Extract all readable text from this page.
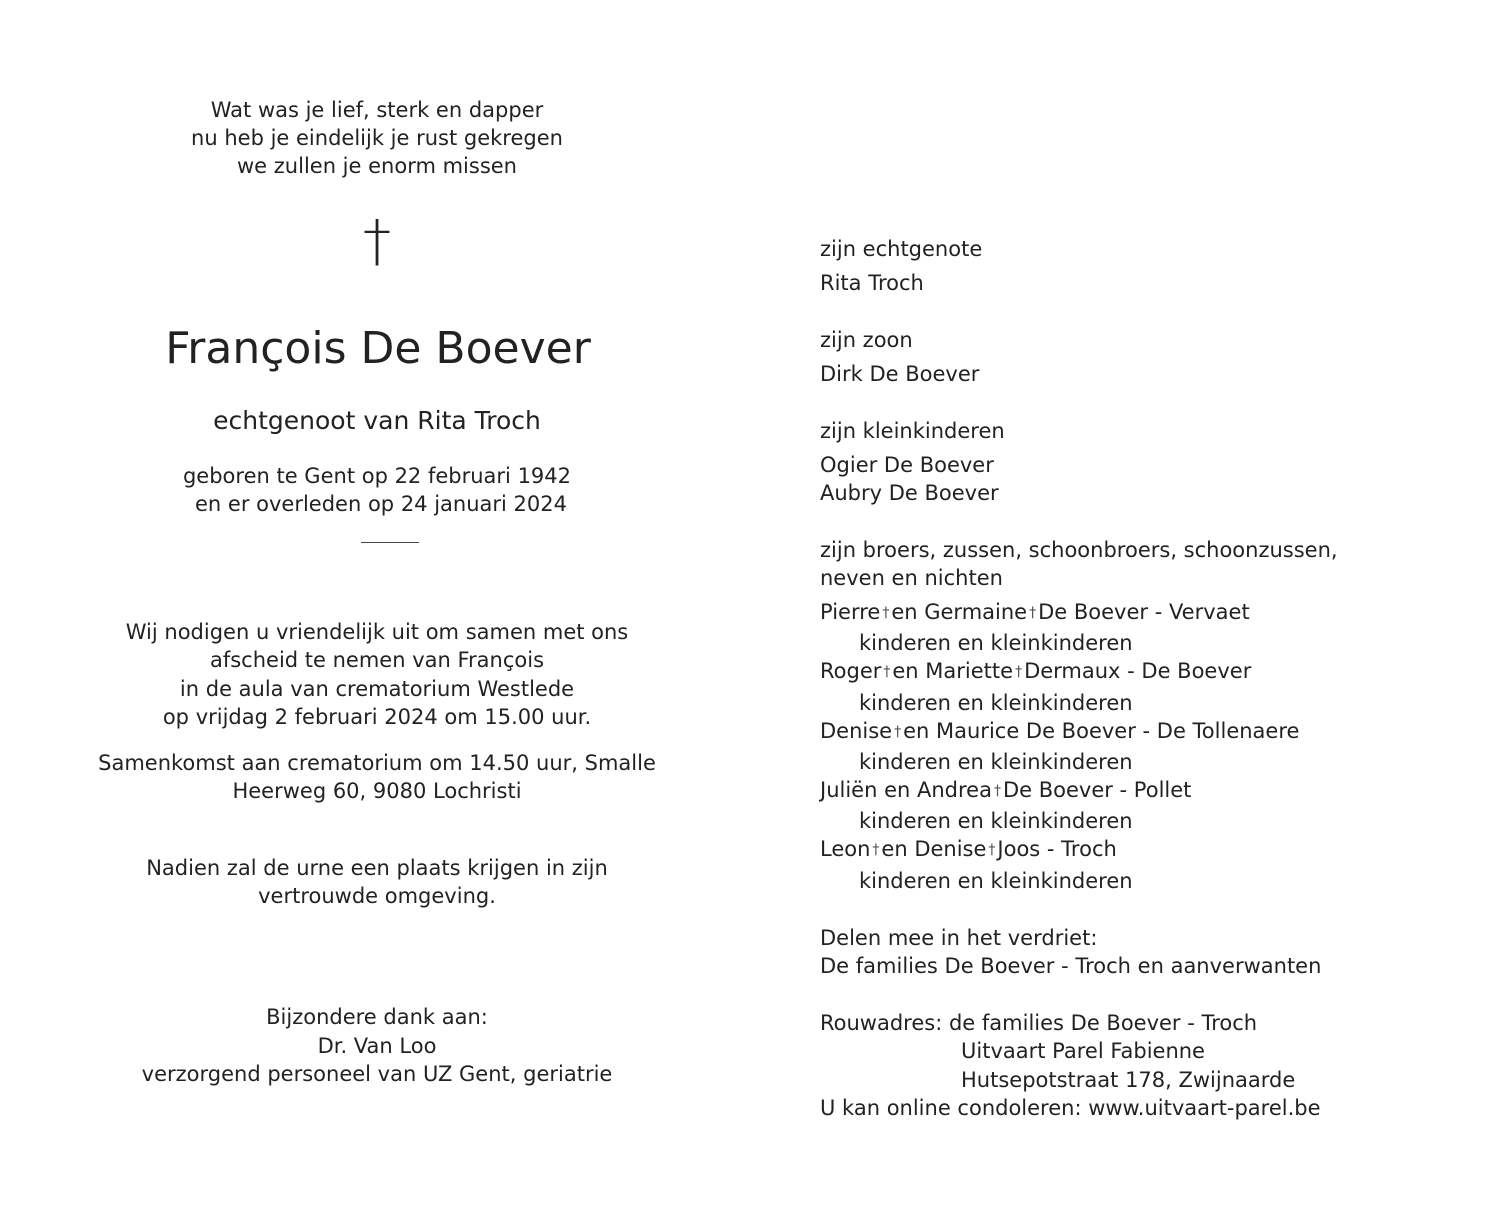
Wat was je lief, sterk en dapper
nu heb je eindelijk je rust gekregen
we zullen je enorm missen
†
François De Boever
echtgenoot van Rita Troch
geboren te Gent op 22 februari 1942
en er overleden op 24 januari 2024
Wij nodigen u vriendelijk uit om samen met ons
afscheid te nemen van François
in de aula van crematorium Westlede
op vrijdag 2 februari 2024 om 15.00 uur.
Samenkomst aan crematorium om 14.50 uur, Smalle
Heerweg 60, 9080 Lochristi
Nadien zal de urne een plaats krijgen in zijn
vertrouwde omgeving.
Bijzondere dank aan:
Dr. Van Loo
verzorgend personeel van UZ Gent, geriatrie
zijn echtgenote
Rita Troch
zijn zoon
Dirk De Boever
zijn kleinkinderen
Ogier De Boever
Aubry De Boever
zijn broers, zussen, schoonbroers, schoonzussen,
neven en nichten
Pierre †en Germaine †De Boever - Vervaet
kinderen en kleinkinderen
Roger †en Mariette †Dermaux - De Boever
kinderen en kleinkinderen
Denise †en Maurice De Boever - De Tollenaere
kinderen en kleinkinderen
Juliën en Andrea †De Boever - Pollet
kinderen en kleinkinderen
Leon †en Denise †Joos - Troch
kinderen en kleinkinderen
Delen mee in het verdriet:
De families De Boever - Troch en aanverwanten
Rouwadres: de families De Boever - Troch
Uitvaart Parel Fabienne
Hutsepotstraat 178, Zwijnaarde
U kan online condoleren: www.uitvaart-parel.be
